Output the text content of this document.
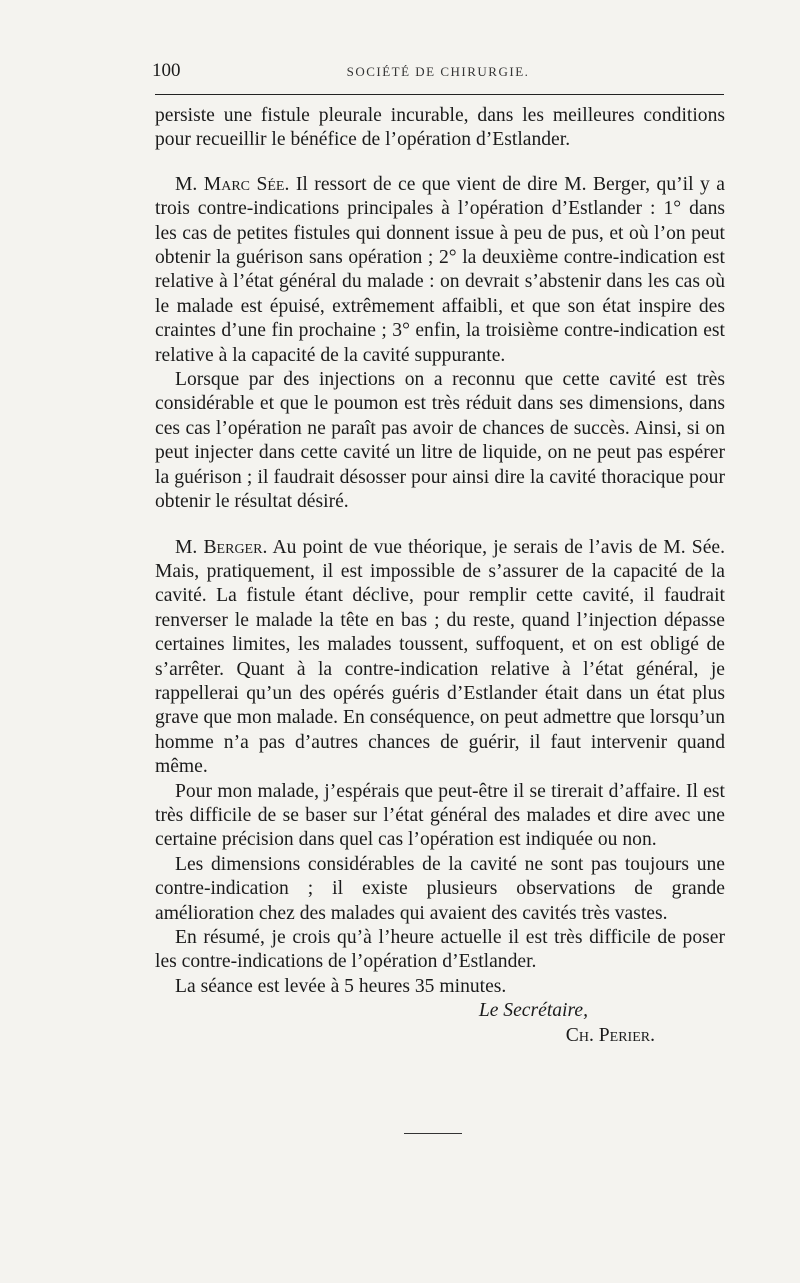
100	SOCIÉTÉ DE CHIRURGIE.

persiste une fistule pleurale incurable, dans les meilleures conditions pour recueillir le bénéfice de l’opération d’Estlander.

M. Marc Sée. Il ressort de ce que vient de dire M. Berger, qu’il y a trois contre-indications principales à l’opération d’Estlander : 1° dans les cas de petites fistules qui donnent issue à peu de pus, et où l’on peut obtenir la guérison sans opération ; 2° la deuxième contre-indication est relative à l’état général du malade : on devrait s’abstenir dans les cas où le malade est épuisé, extrêmement affaibli, et que son état inspire des craintes d’une fin prochaine ; 3° enfin, la troisième contre-indication est relative à la capacité de la cavité suppurante.

Lorsque par des injections on a reconnu que cette cavité est très considérable et que le poumon est très réduit dans ses dimensions, dans ces cas l’opération ne paraît pas avoir de chances de succès. Ainsi, si on peut injecter dans cette cavité un litre de liquide, on ne peut pas espérer la guérison ; il faudrait désosser pour ainsi dire la cavité thoracique pour obtenir le résultat désiré.

M. Berger. Au point de vue théorique, je serais de l’avis de M. Sée. Mais, pratiquement, il est impossible de s’assurer de la capacité de la cavité. La fistule étant déclive, pour remplir cette cavité, il faudrait renverser le malade la tête en bas ; du reste, quand l’injection dépasse certaines limites, les malades toussent, suffoquent, et on est obligé de s’arrêter. Quant à la contre-indication relative à l’état général, je rappellerai qu’un des opérés guéris d’Estlander était dans un état plus grave que mon malade. En conséquence, on peut admettre que lorsqu’un homme n’a pas d’autres chances de guérir, il faut intervenir quand même.

Pour mon malade, j’espérais que peut-être il se tirerait d’affaire. Il est très difficile de se baser sur l’état général des malades et dire avec une certaine précision dans quel cas l’opération est indiquée ou non.

Les dimensions considérables de la cavité ne sont pas toujours une contre-indication ; il existe plusieurs observations de grande amélioration chez des malades qui avaient des cavités très vastes.

En résumé, je crois qu’à l’heure actuelle il est très difficile de poser les contre-indications de l’opération d’Estlander.

La séance est levée à 5 heures 35 minutes.

Le Secrétaire,

Ch. Perier.
